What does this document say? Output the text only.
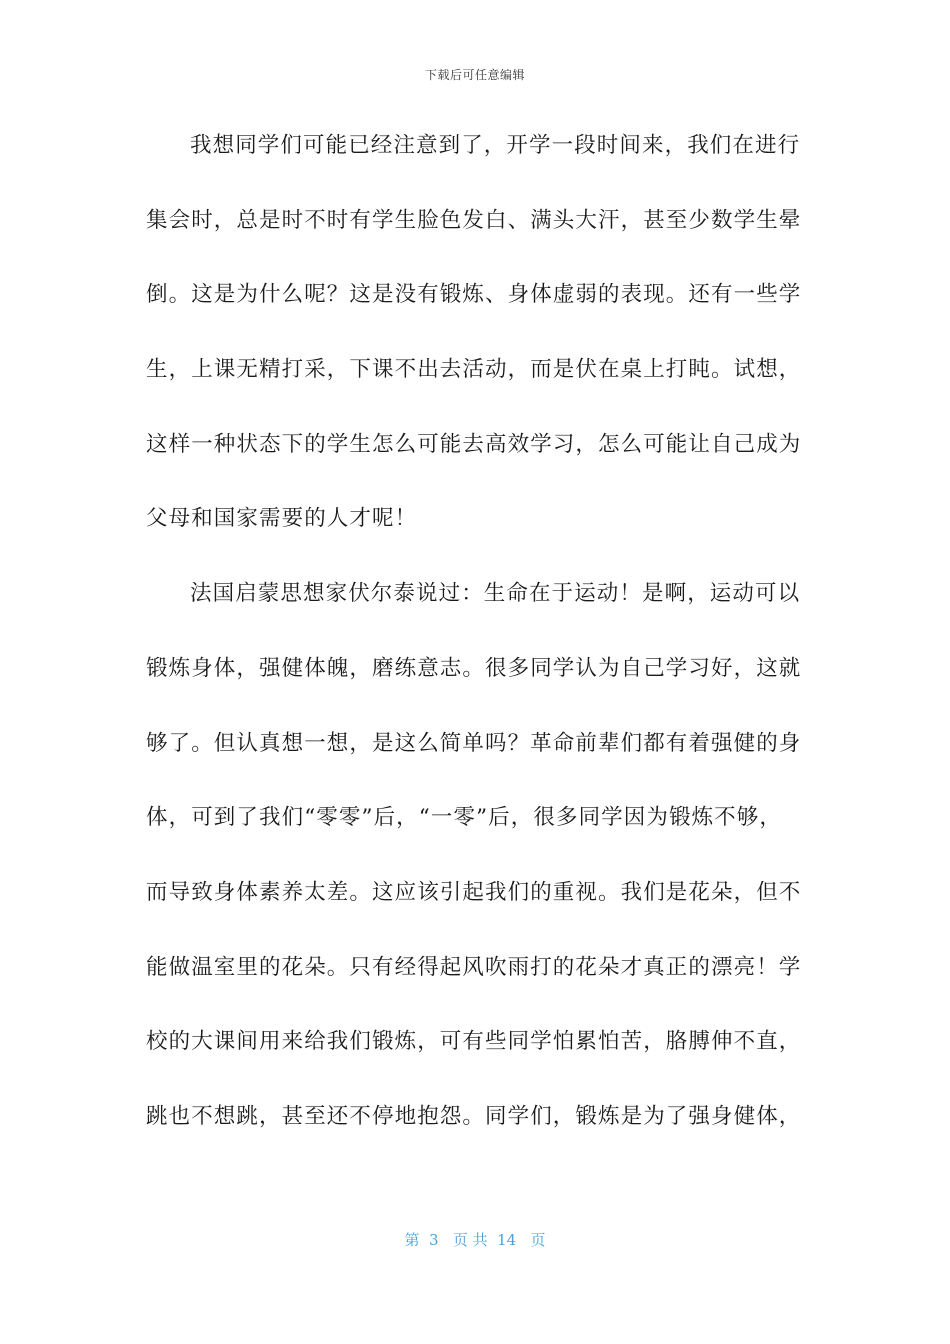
下载后可任意编辑
我想同学们可能已经注意到了，开学一段时间来，我们在进行
集会时，总是时不时有学生脸色发白、满头大汗，甚至少数学生晕
倒。这是为什么呢？这是没有锻炼、身体虚弱的表现。还有一些学
生，上课无精打采，下课不出去活动，而是伏在桌上打盹。试想，
这样一种状态下的学生怎么可能去高效学习，怎么可能让自己成为
父母和国家需要的人才呢！
法国启蒙思想家伏尔泰说过：生命在于运动！是啊，运动可以
锻炼身体，强健体魄，磨练意志。很多同学认为自己学习好，这就
够了。但认真想一想，是这么简单吗？革命前辈们都有着强健的身
体，可到了我们“零零”后，“一零”后，很多同学因为锻炼不够，
而导致身体素养太差。这应该引起我们的重视。我们是花朵，但不
能做温室里的花朵。只有经得起风吹雨打的花朵才真正的漂亮！学
校的大课间用来给我们锻炼，可有些同学怕累怕苦，胳膊伸不直，
跳也不想跳，甚至还不停地抱怨。同学们，锻炼是为了强身健体，
第  3   页 共  14   页
